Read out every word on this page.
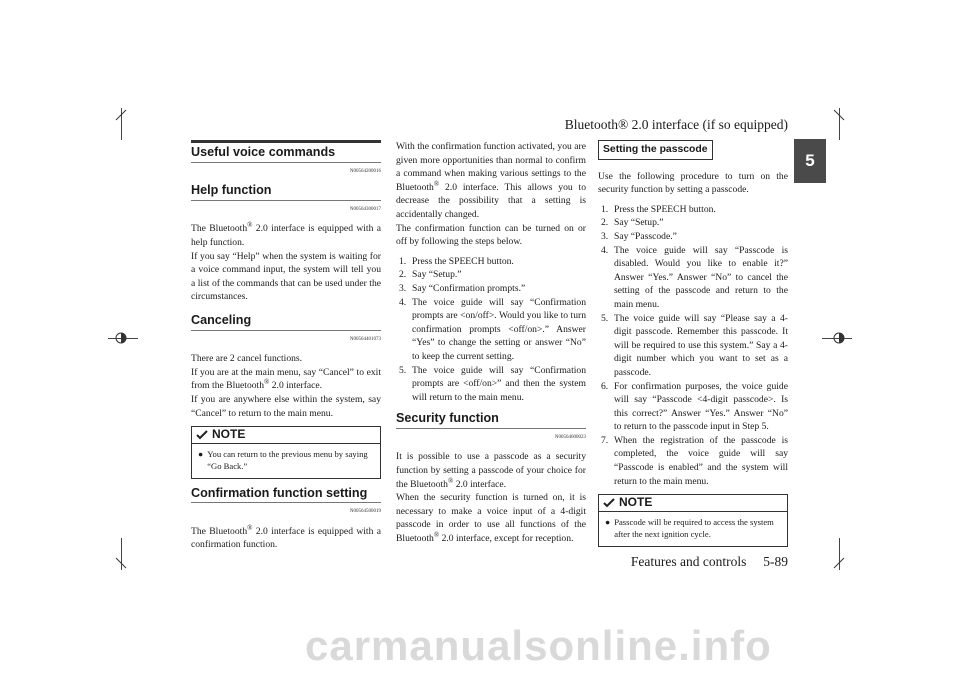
Bluetooth® 2.0 interface (if so equipped)
Features and controls     5-89
5
Useful voice commands
N00564200016
Help function
N00564300017

The Bluetooth® 2.0 interface is equipped with a help function.

If you say “Help” when the system is waiting for a voice command input, the system will tell you a list of the commands that can be used under the circumstances.

Canceling
N00564401073

There are 2 cancel functions.

If you are at the main menu, say “Cancel” to exit from the Bluetooth® 2.0 interface.

If you are anywhere else within the system, say “Cancel” to return to the main menu.

NOTE
● You can return to the previous menu by saying “Go Back.”
Confirmation function setting
N00564500019

The Bluetooth® 2.0 interface is equipped with a confirmation function.

With the confirmation function activated, you are given more opportunities than normal to confirm a command when making various settings to the Bluetooth® 2.0 interface. This allows you to decrease the possibility that a setting is accidentally changed.

The confirmation function can be turned on or off by following the steps below.

1. Press the SPEECH button.
2. Say “Setup.”
3. Say “Confirmation prompts.”
4. The voice guide will say “Confirmation prompts are <on/off>. Would you like to turn confirmation prompts <off/on>.” Answer “Yes” to change the setting or answer “No” to keep the current setting.
5. The voice guide will say “Confirmation prompts are <off/on>” and then the system will return to the main menu.
Security function
N00564600023

It is possible to use a passcode as a security function by setting a passcode of your choice for the Bluetooth® 2.0 interface.

When the security function is turned on, it is necessary to make a voice input of a 4-digit passcode in order to use all functions of the Bluetooth® 2.0 interface, except for reception.

Setting the passcode

Use the following procedure to turn on the security function by setting a passcode.

1. Press the SPEECH button.
2. Say “Setup.”
3. Say “Passcode.”
4. The voice guide will say “Passcode is disabled. Would you like to enable it?” Answer “Yes.” Answer “No” to cancel the setting of the passcode and return to the main menu.
5. The voice guide will say “Please say a 4-digit passcode. Remember this passcode. It will be required to use this system.” Say a 4-digit number which you want to set as a passcode.
6. For confirmation purposes, the voice guide will say “Passcode <4-digit passcode>. Is this correct?” Answer “Yes.” Answer “No” to return to the passcode input in Step 5.
7. When the registration of the passcode is completed, the voice guide will say “Passcode is enabled” and the system will return to the main menu.
NOTE
● Passcode will be required to access the system after the next ignition cycle.
carmanualsonline.info
